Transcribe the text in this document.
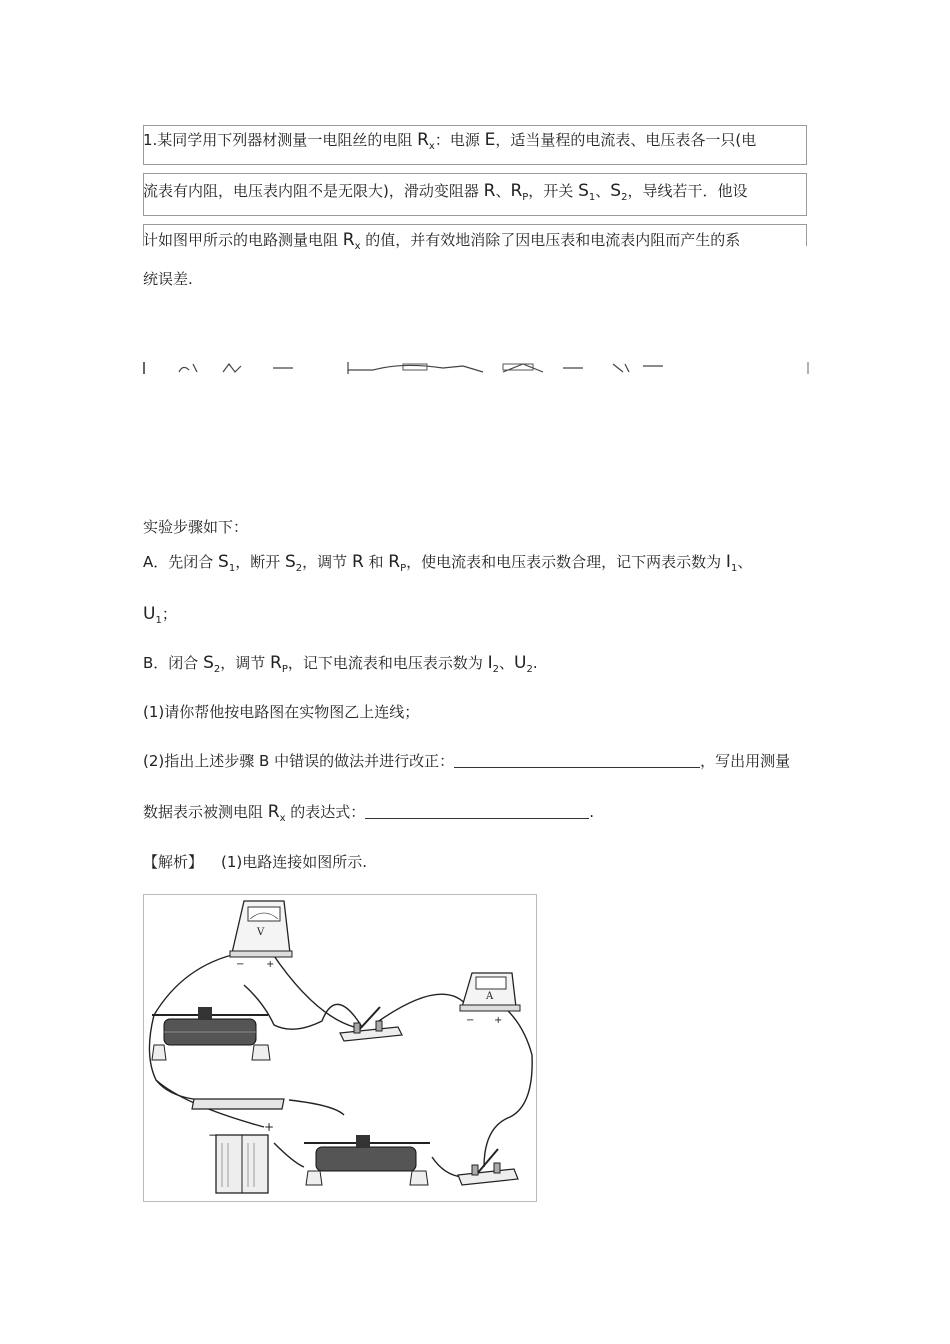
1.某同学用下列器材测量一电阻丝的电阻 $R_x$：电源 E，适当量程的电流表、电压表各一只(电
流表有内阻，电压表内阻不是无限大)，滑动变阻器 R、$R_P$，开关 $S_1$、$S_2$，导线若干．他设
计如图甲所示的电路测量电阻 $R_x$ 的值，并有效地消除了因电压表和电流表内阻而产生的系
统误差.
实验步骤如下：
A．先闭合 $S_1$，断开 $S_2$，调节 R 和 $R_P$，使电流表和电压表示数合理，记下两表示数为 $I_1$、
$U_1$；
B．闭合 $S_2$，调节 $R_P$，记下电流表和电压表示数为 $I_2$、$U_2$.
(1)请你帮他按电路图在实物图乙上连线；
(2)指出上述步骤 B 中错误的做法并进行改正：	，写出用测量
数据表示被测电阻 $R_x$ 的表达式：	.
【解析】 (1)电路连接如图所示.
V
− +
A
− +
−
+
